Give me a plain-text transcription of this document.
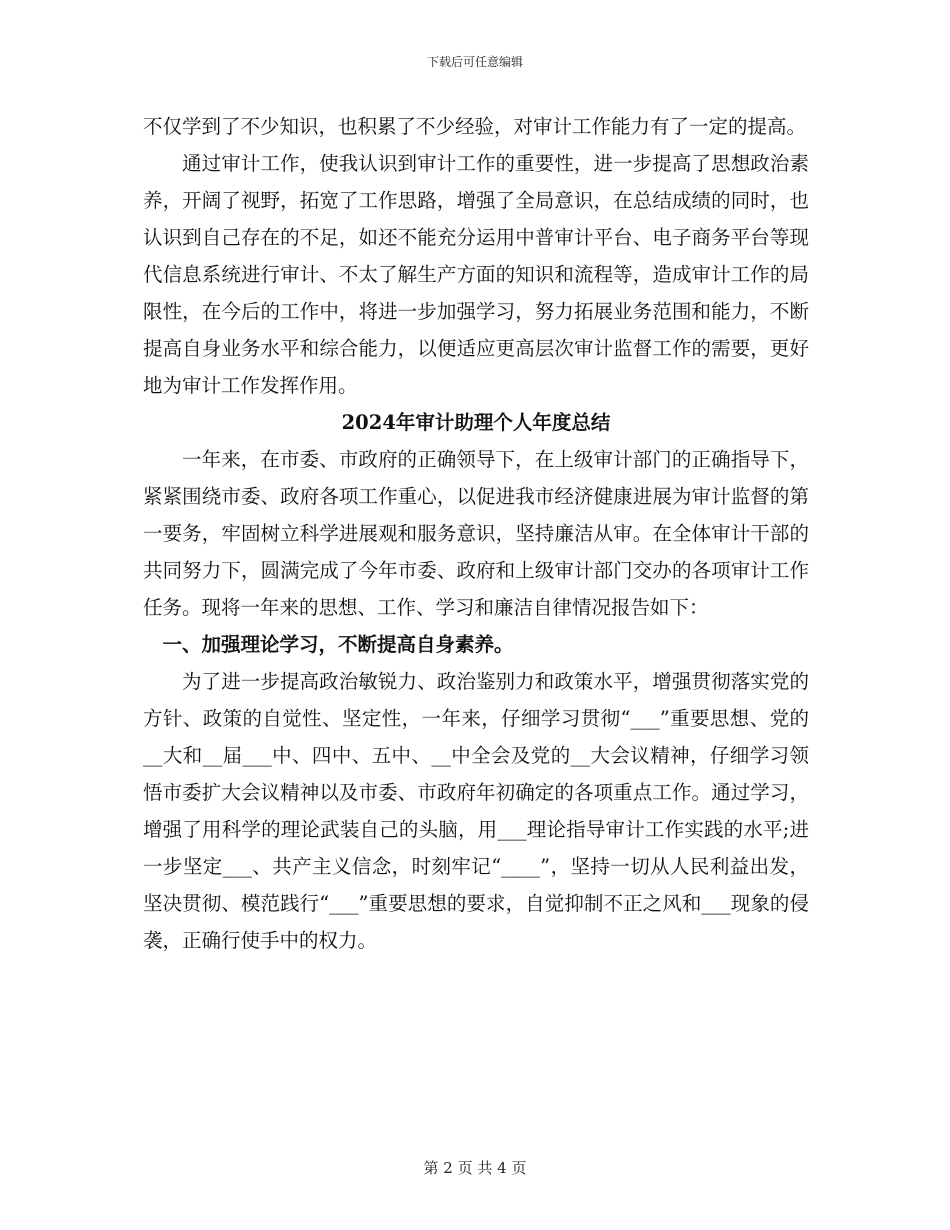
下载后可任意编辑

不仅学到了不少知识，也积累了不少经验，对审计工作能力有了一定的提高。

通过审计工作，使我认识到审计工作的重要性，进一步提高了思想政治素养，开阔了视野，拓宽了工作思路，增强了全局意识，在总结成绩的同时，也认识到自己存在的不足，如还不能充分运用中普审计平台、电子商务平台等现代信息系统进行审计、不太了解生产方面的知识和流程等，造成审计工作的局限性，在今后的工作中，将进一步加强学习，努力拓展业务范围和能力，不断提高自身业务水平和综合能力，以便适应更高层次审计监督工作的需要，更好地为审计工作发挥作用。

2024年审计助理个人年度总结

一年来，在市委、市政府的正确领导下，在上级审计部门的正确指导下，紧紧围绕市委、政府各项工作重心，以促进我市经济健康进展为审计监督的第一要务，牢固树立科学进展观和服务意识，坚持廉洁从审。在全体审计干部的共同努力下，圆满完成了今年市委、政府和上级审计部门交办的各项审计工作任务。现将一年来的思想、工作、学习和廉洁自律情况报告如下：

一、加强理论学习，不断提高自身素养。

为了进一步提高政治敏锐力、政治鉴别力和政策水平，增强贯彻落实党的方针、政策的自觉性、坚定性，一年来，仔细学习贯彻“___”重要思想、党的__大和__届___中、四中、五中、__中全会及党的__大会议精神，仔细学习领悟市委扩大会议精神以及市委、市政府年初确定的各项重点工作。通过学习，增强了用科学的理论武装自己的头脑，用___理论指导审计工作实践的水平;进一步坚定___、共产主义信念，时刻牢记“____”，坚持一切从人民利益出发，坚决贯彻、模范践行“___”重要思想的要求，自觉抑制不正之风和___现象的侵袭，正确行使手中的权力。

第 2 页 共 4 页
